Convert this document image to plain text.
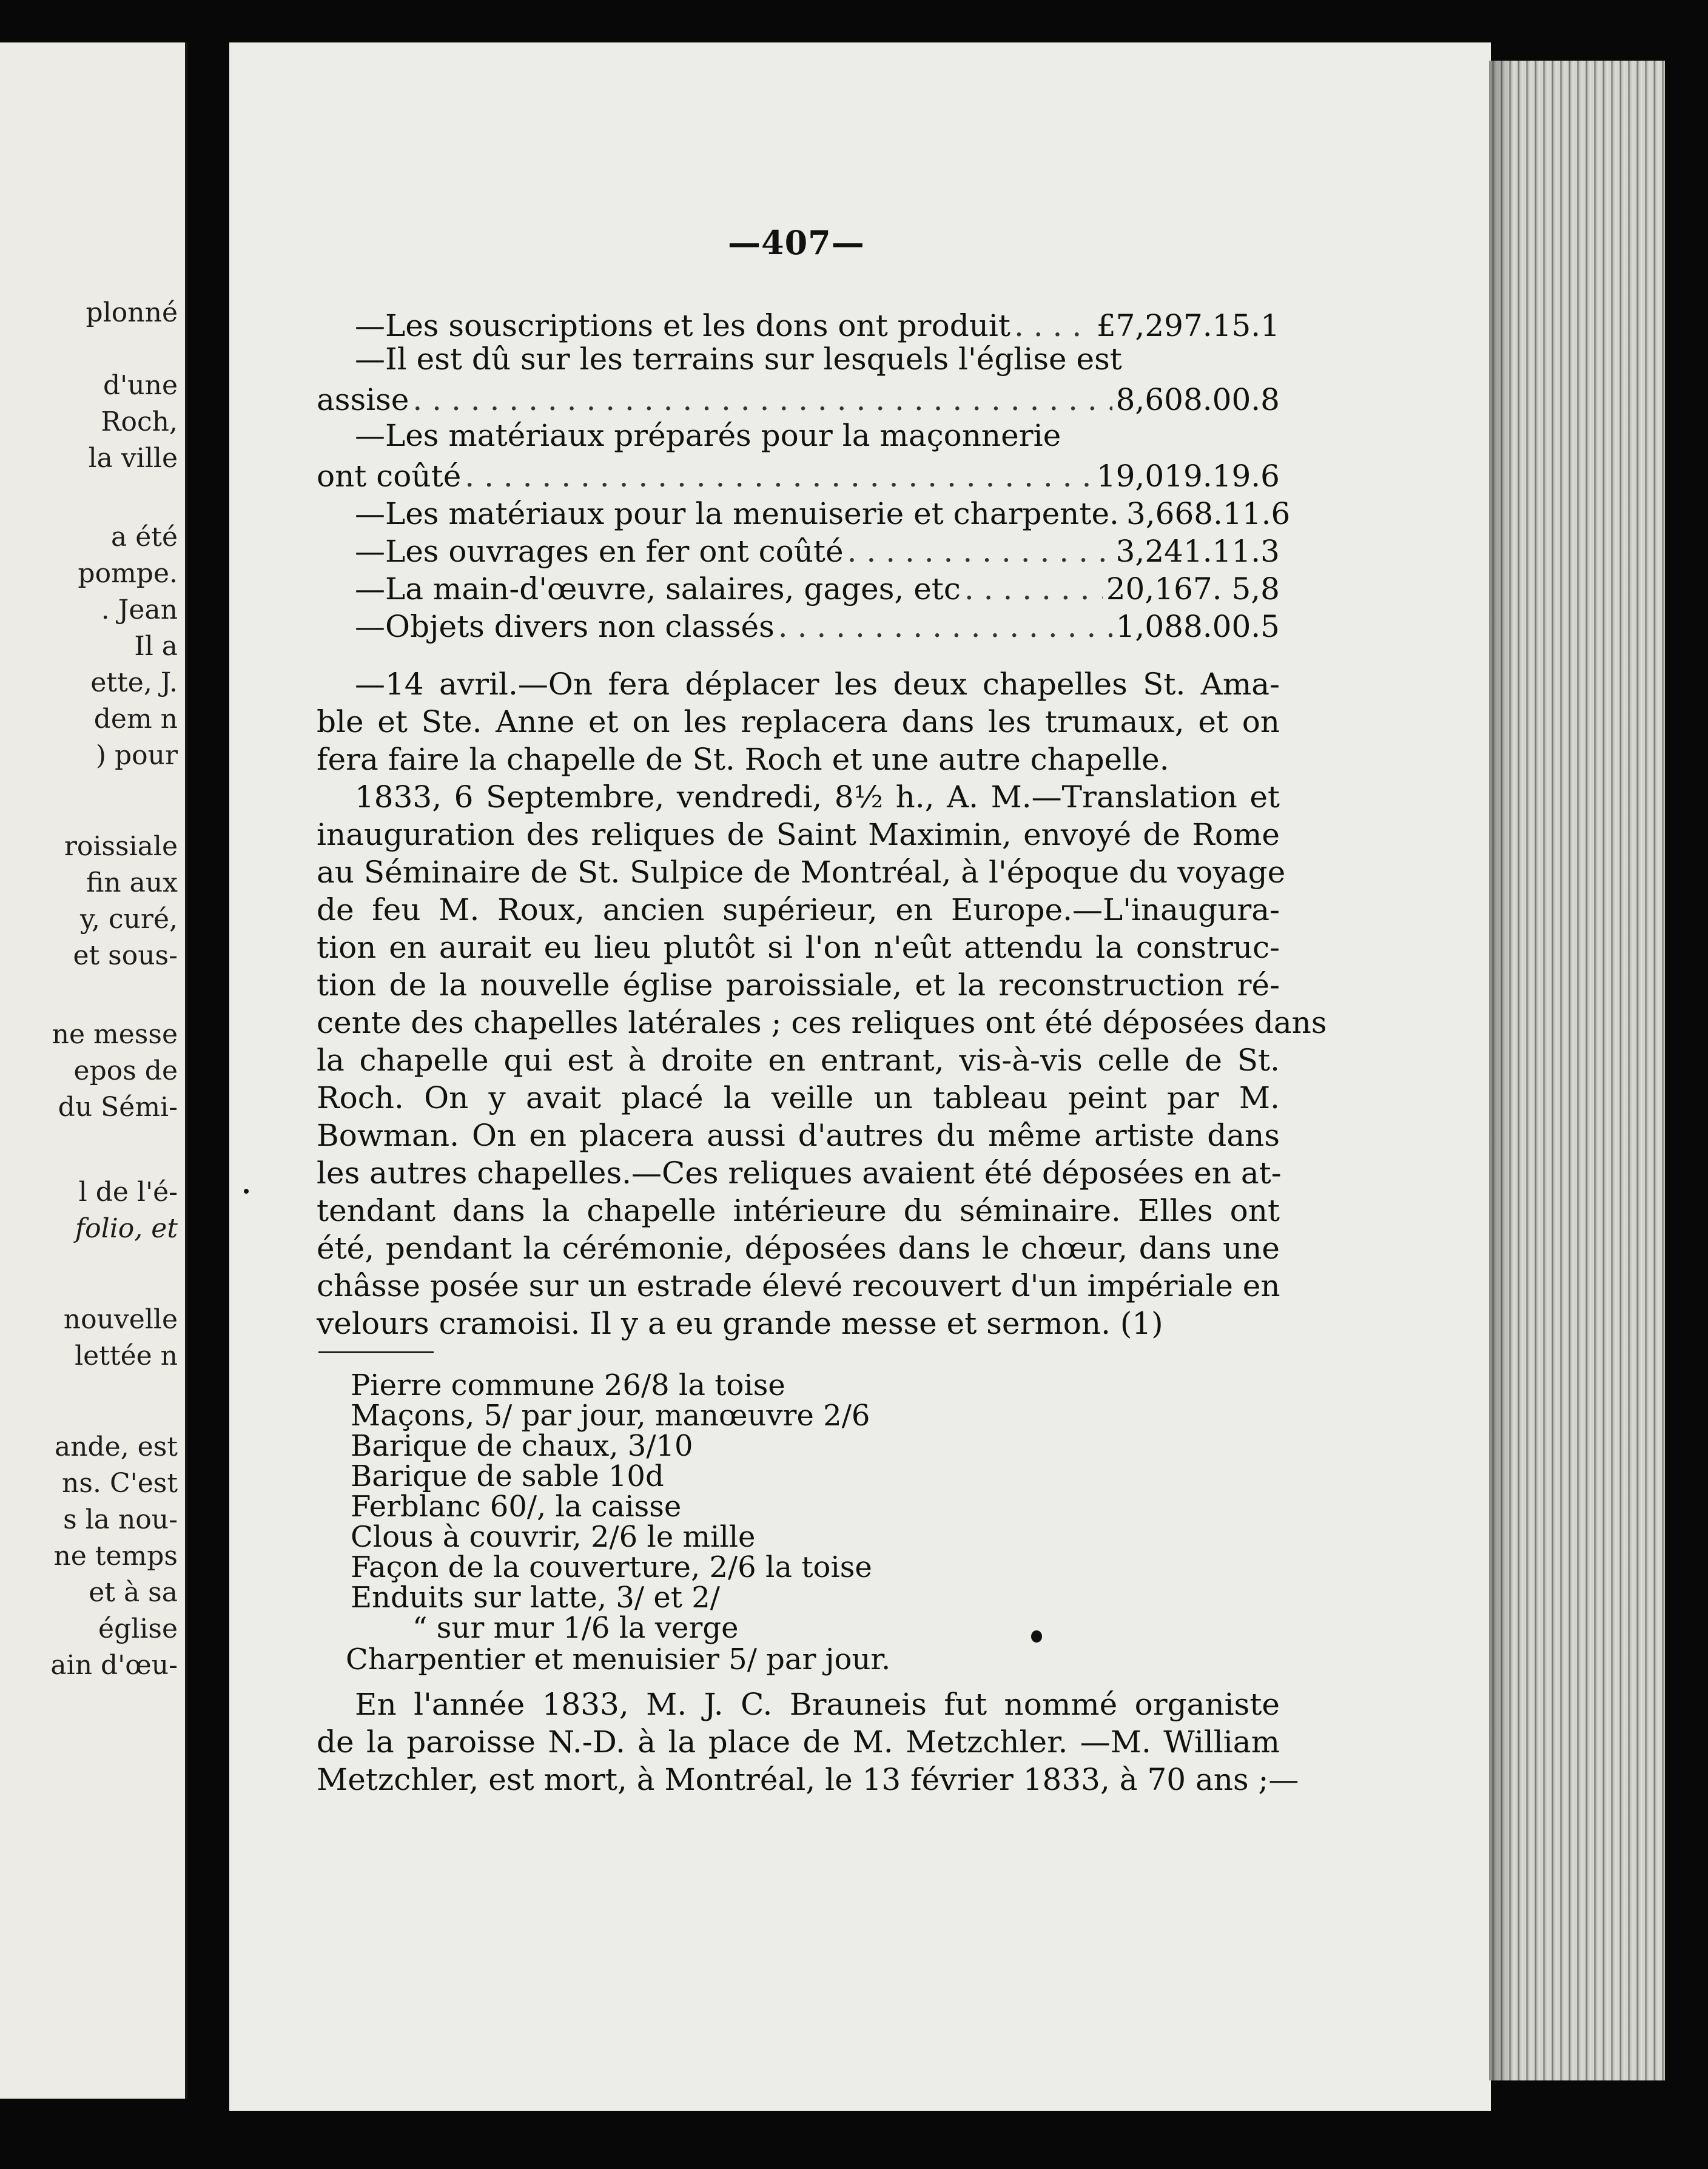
plonné
d'une
Roch,
la ville
a été
pompe.
. Jean
Il a
ette, J.
dem n
) pour
roissiale
fin aux
y, curé,
et sous-
ne messe
epos de
du Sémi-
l de l'é-
folio, et
nouvelle
lettée n
ande, est
ns. C'est
s la nou-
ne temps
et à sa
église
ain d'œu-
—407—
—Les souscriptions et les dons ont produit . . .	£7,297.15.1
—Il est dû sur les terrains sur lesquels l'église est
assise . . .	8,608.00.8
—Les matériaux préparés pour la maçonnerie
ont coûté . . .	19,019.19.6
—Les matériaux pour la menuiserie et charpente. 3,668.11.6
—Les ouvrages en fer ont coûté . . .	3,241.11.3
—La main-d'œuvre, salaires, gages, etc . . .	20,167. 5,8
—Objets divers non classés . . .	1,088.00.5
—14 avril.—On fera déplacer les deux chapelles St. Ama-
ble et Ste. Anne et on les replacera dans les trumaux, et on
fera faire la chapelle de St. Roch et une autre chapelle.
1833, 6 Septembre, vendredi, 8½ h., A. M.—Translation et
inauguration des reliques de Saint Maximin, envoyé de Rome
au Séminaire de St. Sulpice de Montréal, à l'époque du voyage
de feu M. Roux, ancien supérieur, en Europe.—L'inaugura-
tion en aurait eu lieu plutôt si l'on n'eût attendu la construc-
tion de la nouvelle église paroissiale, et la reconstruction ré-
cente des chapelles latérales ; ces reliques ont été déposées dans
la chapelle qui est à droite en entrant, vis-à-vis celle de St.
Roch. On y avait placé la veille un tableau peint par M.
Bowman. On en placera aussi d'autres du même artiste dans
les autres chapelles.—Ces reliques avaient été déposées en at-
tendant dans la chapelle intérieure du séminaire. Elles ont
été, pendant la cérémonie, déposées dans le chœur, dans une
châsse posée sur un estrade élevé recouvert d'un impériale en
velours cramoisi. Il y a eu grande messe et sermon. (1)
Pierre commune 26/8 la toise
Maçons, 5/ par jour, manœuvre 2/6
Barique de chaux, 3/10
Barique de sable 10d
Ferblanc 60/, la caisse
Clous à couvrir, 2/6 le mille
Façon de la couverture, 2/6 la toise
Enduits sur latte, 3/ et 2/
“ sur mur 1/6 la verge
Charpentier et menuisier 5/ par jour.
En l'année 1833, M. J. C. Brauneis fut nommé organiste
de la paroisse N.-D. à la place de M. Metzchler. —M. William
Metzchler, est mort, à Montréal, le 13 février 1833, à 70 ans ;—
